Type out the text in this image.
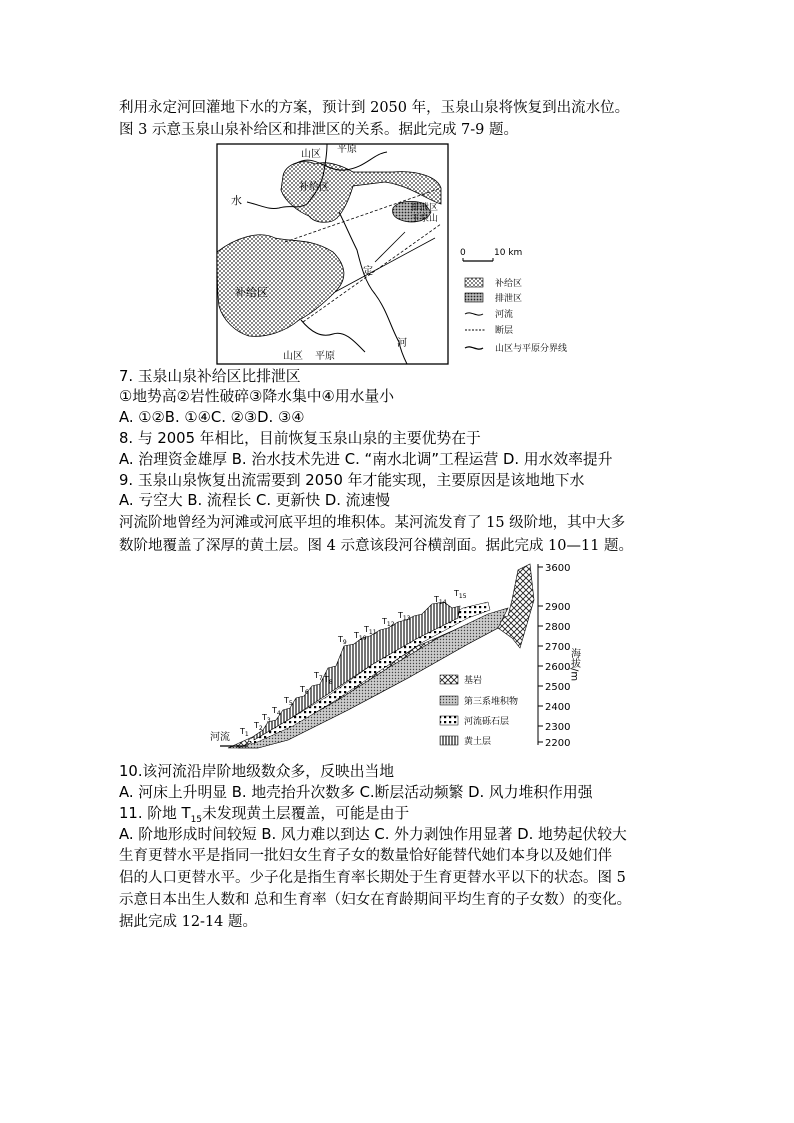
利用永定河回灌地下水的方案，预计到 2050 年，玉泉山泉将恢复到出流水位。
图 3 示意玉泉山泉补给区和排泄区的关系。据此完成 7-9 题。
山区 平原
补给区
水
排泄区
玉泉山
定
补给区
河
山区 平原
0	10 km
补给区
排泄区
河流
断层
山区与平原分界线
7. 玉泉山泉补给区比排泄区
①地势高②岩性破碎③降水集中④用水量小
A. ①②B. ①④C. ②③D. ③④
8. 与 2005 年相比，目前恢复玉泉山泉的主要优势在于
A. 治理资金雄厚 B. 治水技术先进 C. “南水北调”工程运营 D. 用水效率提升
9. 玉泉山泉恢复出流需要到 2050 年才能实现，主要原因是该地地下水
A. 亏空大 B. 流程长 C. 更新快 D. 流速慢
河流阶地曾经为河滩或河底平坦的堆积体。某河流发育了 15 级阶地，其中大多
数阶地覆盖了深厚的黄土层。图 4 示意该段河谷横剖面。据此完成 10—11 题。
3600
2900
2800
2700
2600
2500
2400
2300
2200
海拔/m
$T_1$
$T_2$
$T_3$
$T_4$
$T_5$
$T_6$
$T_7$ $T_8$
$T_9$
$T_{10}$
$T_{11}$
$T_{12}$
$T_{13}$
$T_{14}$
$T_{15}$
河流
基岩
第三系堆积物
河流砾石层
黄土层
10.该河流沿岸阶地级数众多，反映出当地
A. 河床上升明显 B. 地壳抬升次数多 C.断层活动频繁 D. 风力堆积作用强
11. 阶地 $T_{15}$未发现黄土层覆盖，可能是由于
A. 阶地形成时间较短 B. 风力难以到达 C. 外力剥蚀作用显著 D. 地势起伏较大
生育更替水平是指同一批妇女生育子女的数量恰好能替代她们本身以及她们伴
侣的人口更替水平。少子化是指生育率长期处于生育更替水平以下的状态。图 5
示意日本出生人数和 总和生育率（妇女在育龄期间平均生育的子女数）的变化。
据此完成 12-14 题。
